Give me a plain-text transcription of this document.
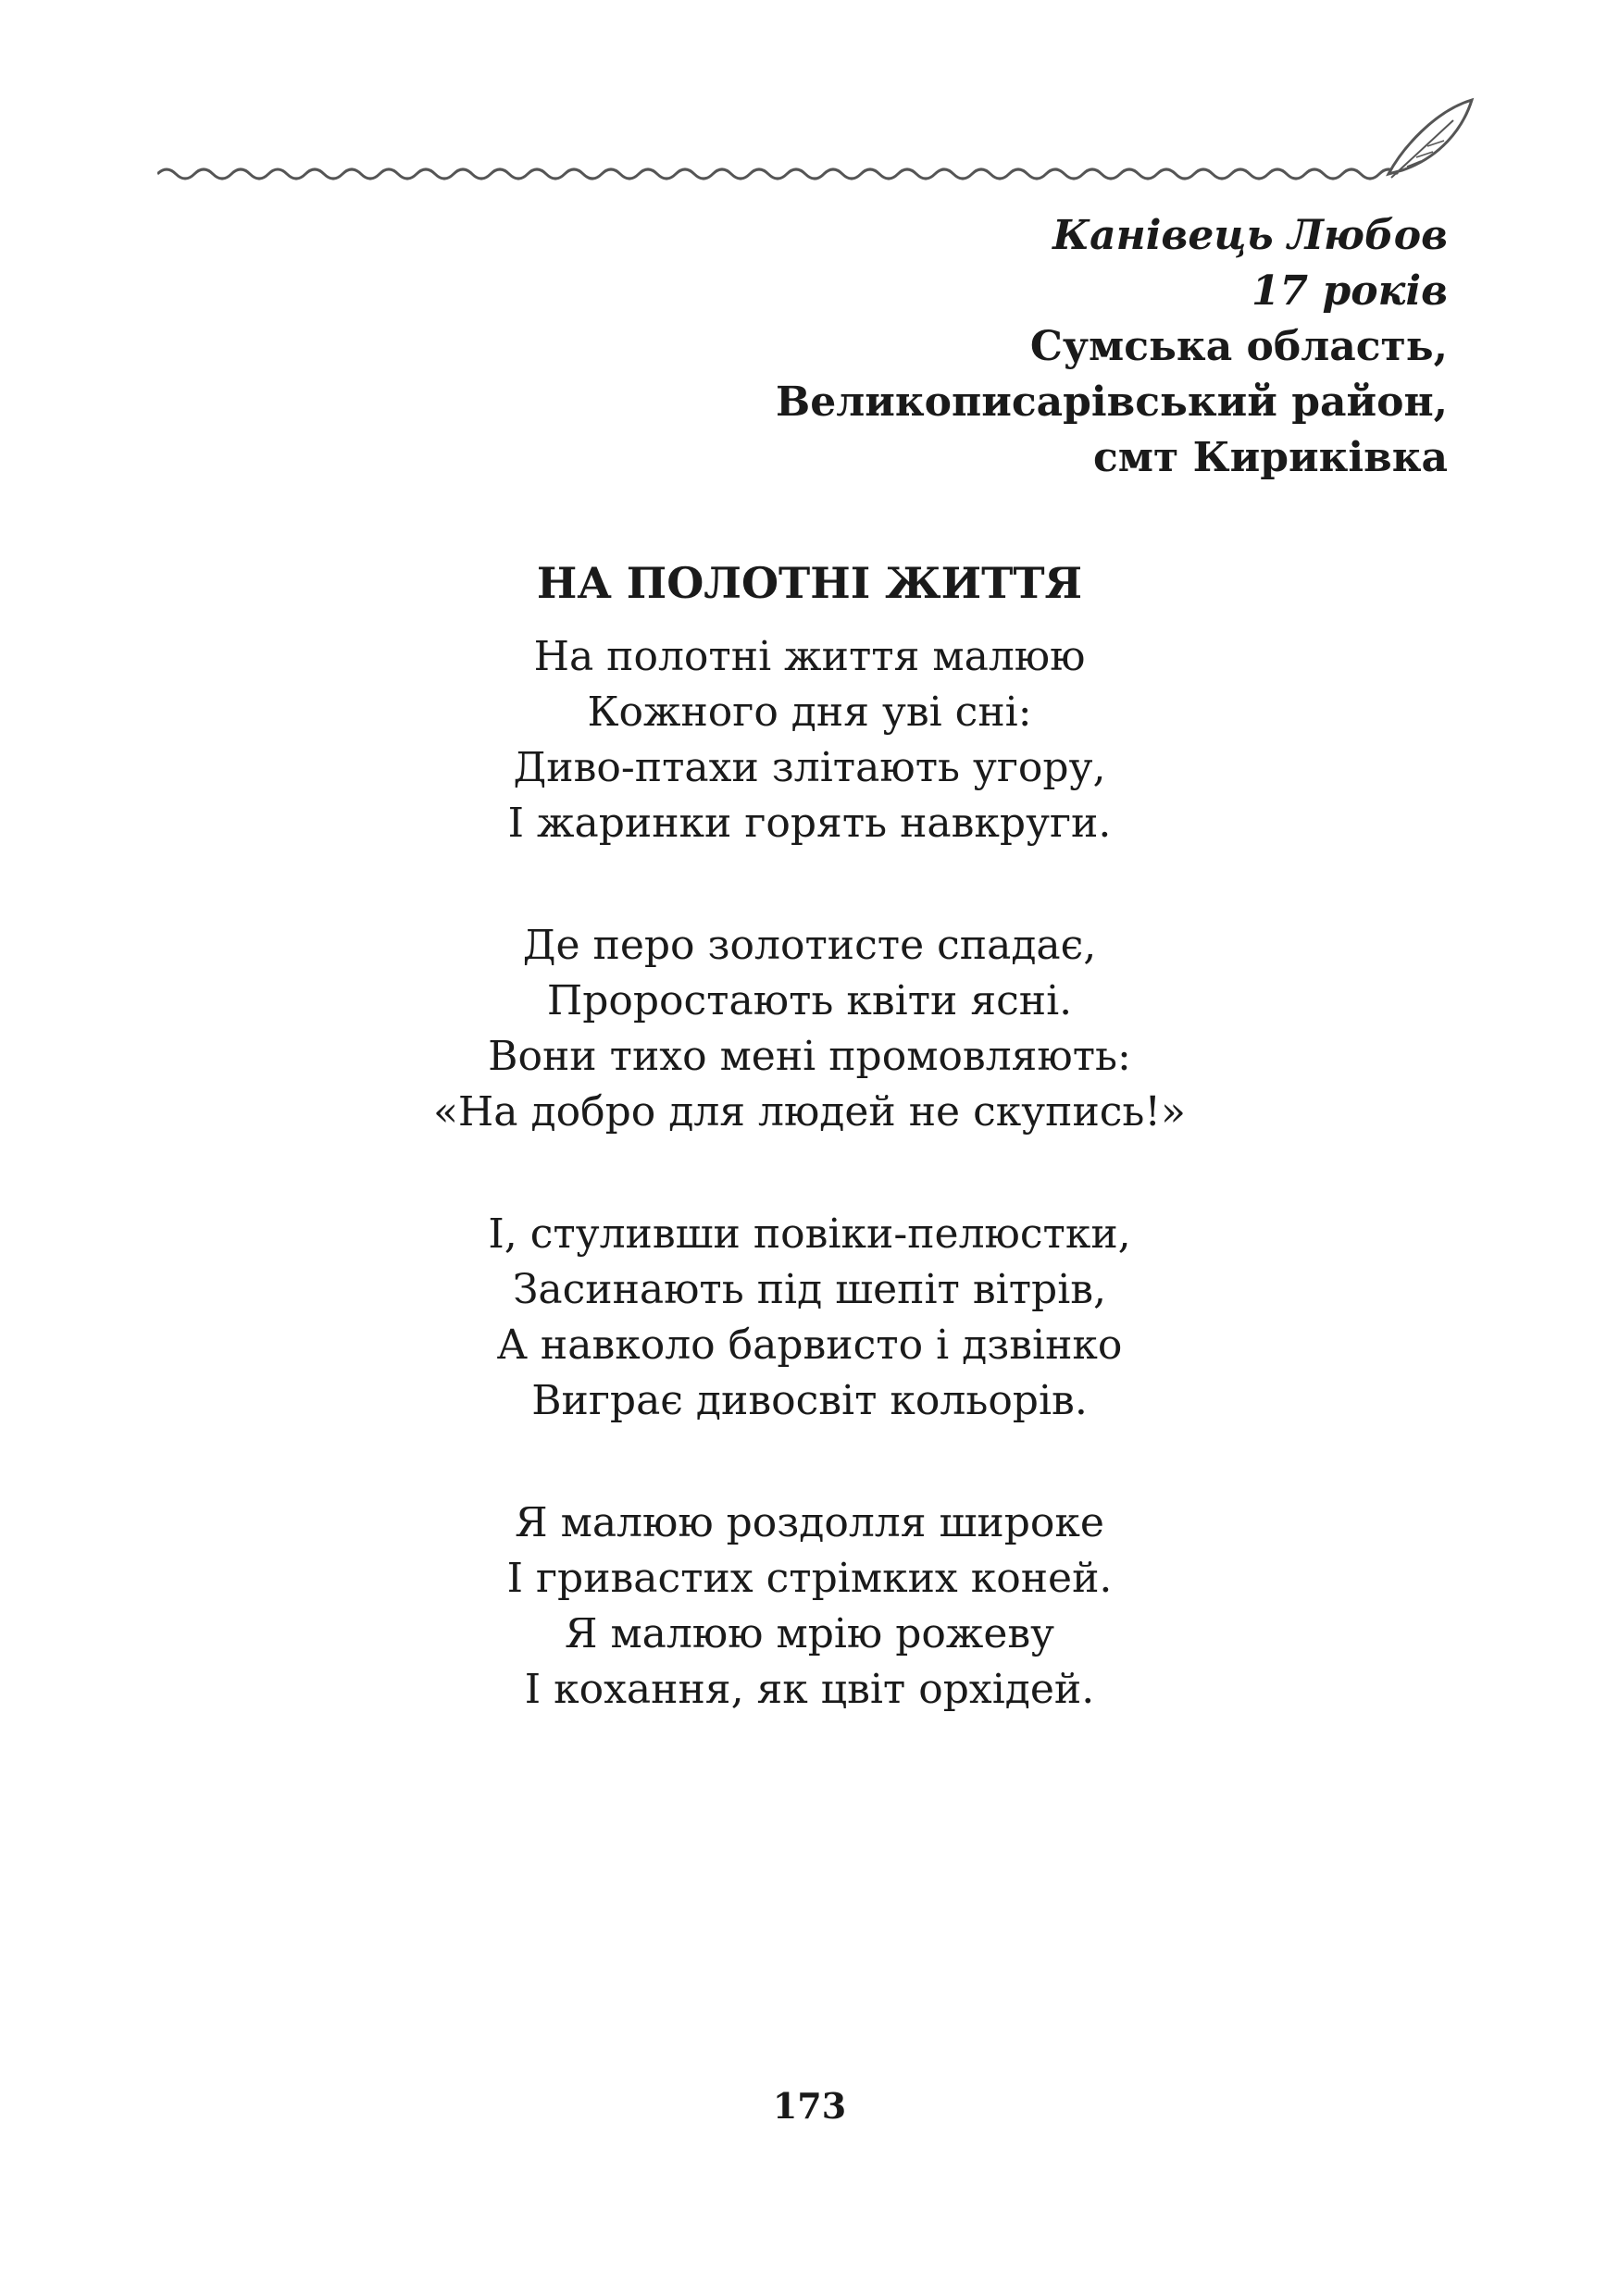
Канівець Любов
17 років
Сумська область,
Великописарівський район,
смт Кириківка
НА ПОЛОТНІ ЖИТТЯ
На полотні життя малюю
Кожного дня уві сні:
Диво-птахи злітають угору,
І жаринки горять навкруги.
Де перо золотисте спадає,
Проростають квіти ясні.
Вони тихо мені промовляють:
«На добро для людей не скупись!»
І, стуливши повіки-пелюстки,
Засинають під шепіт вітрів,
А навколо барвисто і дзвінко
Виграє дивосвіт кольорів.
Я малюю роздолля широке
І гривастих стрімких коней.
Я малюю мрію рожеву
І кохання, як цвіт орхідей.
173
